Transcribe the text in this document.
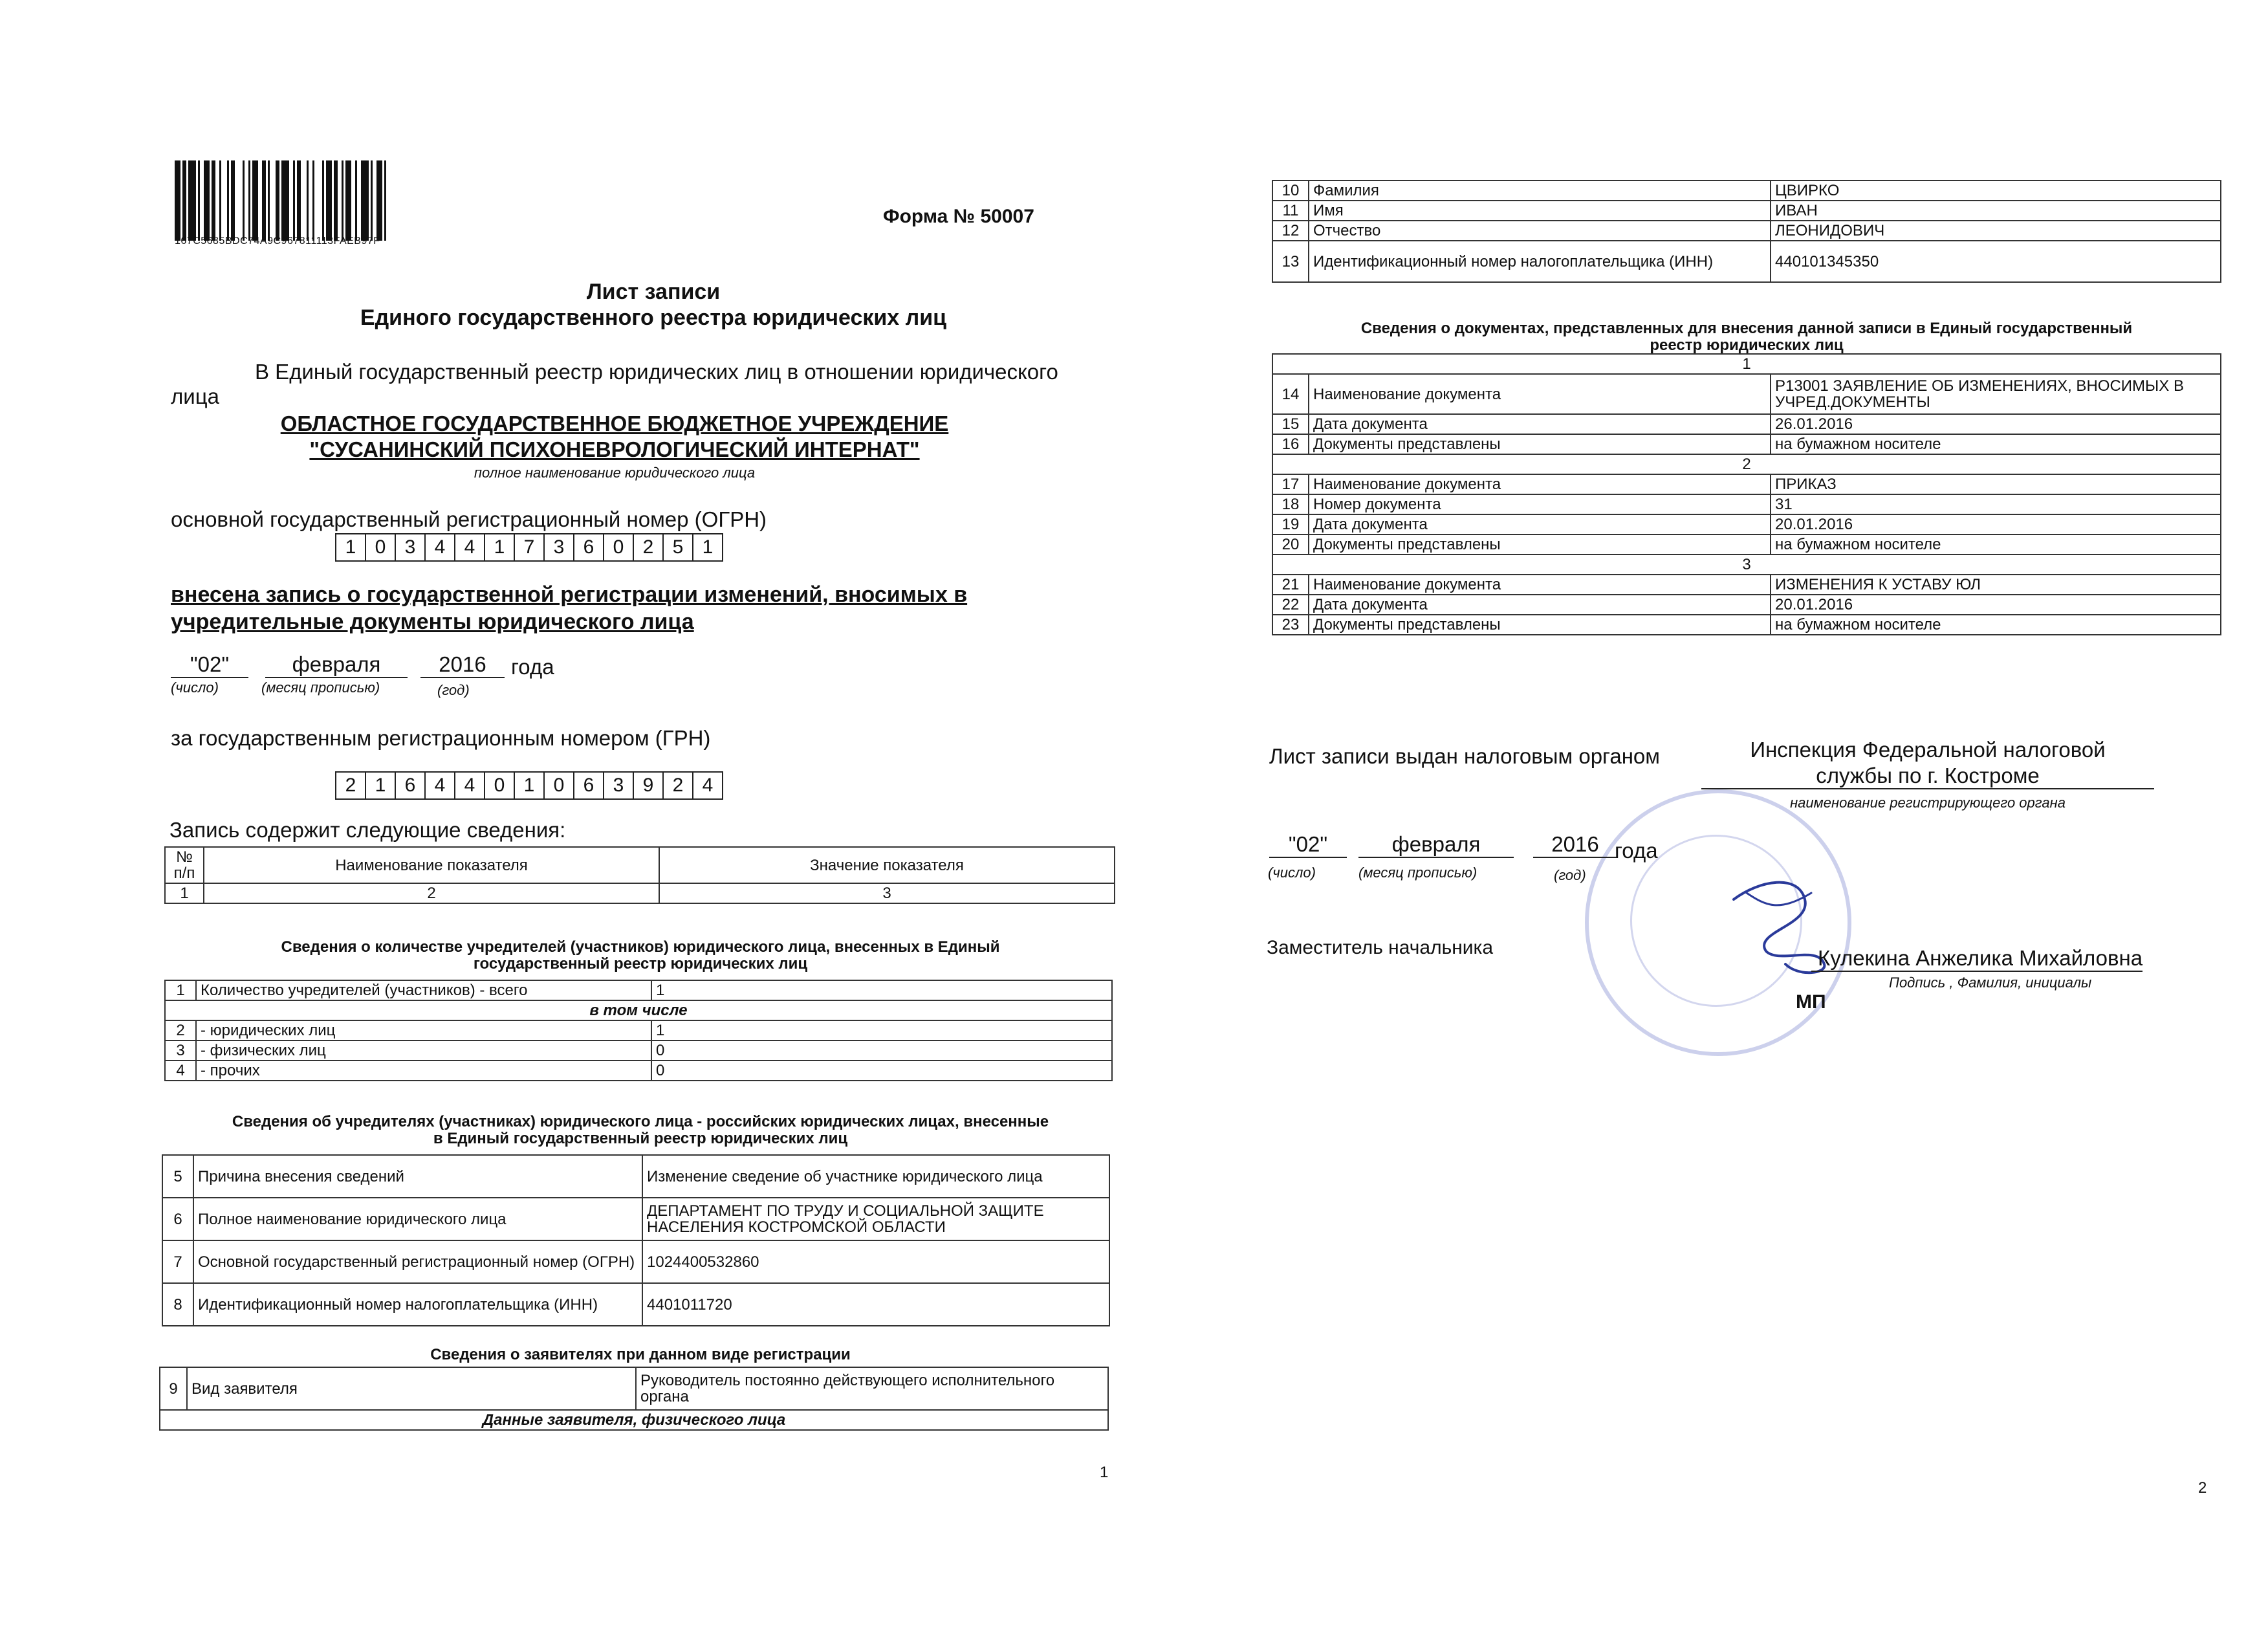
167C5685BDC74A9C967811113FAEB97F
Форма № 50007
Лист записи
Единого государственного реестра юридических лиц
В Единый государственный реестр юридических лиц в отношении юридического
лица
ОБЛАСТНОЕ ГОСУДАРСТВЕННОЕ БЮДЖЕТНОЕ УЧРЕЖДЕНИЕ
"СУСАНИНСКИЙ ПСИХОНЕВРОЛОГИЧЕСКИЙ ИНТЕРНАТ"
полное наименование юридического лица
основной государственный регистрационный номер (ОГРН)
1 0 3 4 4 1 7 3 6 0 2 5 1
внесена запись о государственной регистрации изменений, вносимых в
учредительные документы юридического лица
"02"	февраля	2016	года
(число)	(месяц прописью)	(год)
за государственным регистрационным номером (ГРН)
2 1 6 4 4 0 1 0 6 3 9 2 4
Запись содержит следующие сведения:
№ п/п	Наименование показателя	Значение показателя
1	2	3
Сведения о количестве учредителей (участников) юридического лица, внесенных в Единый
государственный реестр юридических лиц
1	Количество учредителей (участников) - всего	1
в том числе		
2	- юридических лиц	1
3	- физических лиц	0
4	- прочих	0
Сведения об учредителях (участниках) юридического лица - российских юридических лицах, внесенные
в Единый государственный реестр юридических лиц
5	Причина внесения сведений	Изменение сведение об участнике юридического лица
6	Полное наименование юридического лица	ДЕПАРТАМЕНТ ПО ТРУДУ И СОЦИАЛЬНОЙ ЗАЩИТЕ НАСЕЛЕНИЯ КОСТРОМСКОЙ ОБЛАСТИ
7	Основной государственный регистрационный номер (ОГРН)	1024400532860
8	Идентификационный номер налогоплательщика (ИНН)	4401011720
Сведения о заявителях при данном виде регистрации
9	Вид заявителя	Руководитель постоянно действующего исполнительного органа
Данные заявителя, физического лица
1
10	Фамилия	ЦВИРКО
11	Имя	ИВАН
12	Отчество	ЛЕОНИДОВИЧ
13	Идентификационный номер налогоплательщика (ИНН)	440101345350
Сведения о документах, представленных для внесения данной записи в Единый государственный
реестр юридических лиц
1		
14	Наименование документа	Р13001 ЗАЯВЛЕНИЕ ОБ ИЗМЕНЕНИЯХ, ВНОСИМЫХ В УЧРЕД.ДОКУМЕНТЫ
15	Дата документа	26.01.2016
16	Документы представлены	на бумажном носителе
2		
17	Наименование документа	ПРИКАЗ
18	Номер документа	31
19	Дата документа	20.01.2016
20	Документы представлены	на бумажном носителе
3		
21	Наименование документа	ИЗМЕНЕНИЯ К УСТАВУ ЮЛ
22	Дата документа	20.01.2016
23	Документы представлены	на бумажном носителе
Лист записи выдан налоговым органом	Инспекция Федеральной налоговой
службы по г. Костроме
наименование регистрирующего органа
"02"	февраля	2016 года
(число)	(месяц прописью)	(год)
Заместитель начальника	Кулекина Анжелика Михайловна
Подпись , Фамилия, инициалы
МП
2
